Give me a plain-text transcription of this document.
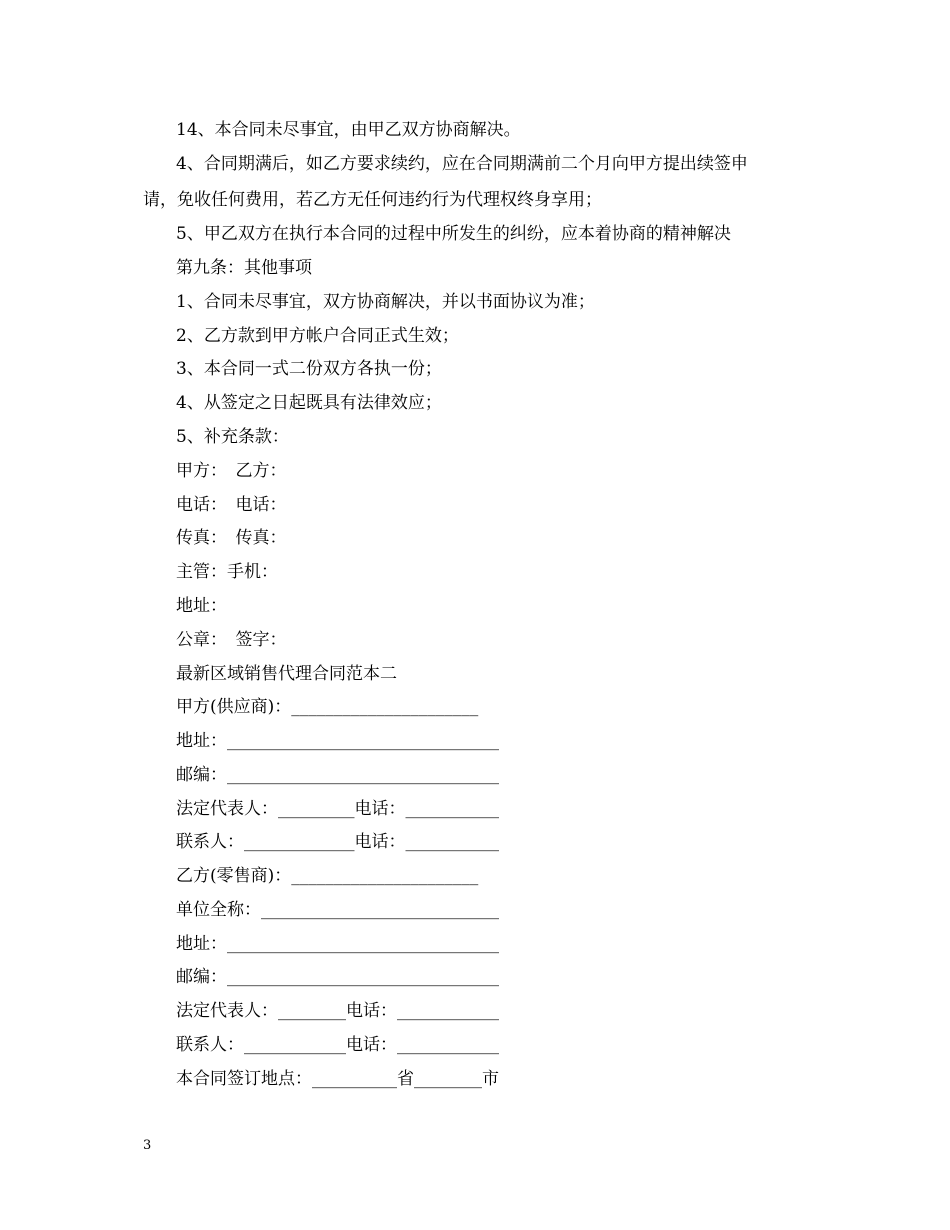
14、本合同未尽事宜，由甲乙双方协商解决。
4、合同期满后，如乙方要求续约，应在合同期满前二个月向甲方提出续签申
请，免收任何费用，若乙方无任何违约行为代理权终身享用；
5、甲乙双方在执行本合同的过程中所发生的纠纷，应本着协商的精神解决
第九条：其他事项
1、合同未尽事宜，双方协商解决，并以书面协议为准；
2、乙方款到甲方帐户合同正式生效；
3、本合同一式二份双方各执一份；
4、从签定之日起既具有法律效应；
5、补充条款：
甲方：　乙方：
电话：　电话：
传真：　传真：
主管：手机：
地址：
公章：　签字：
最新区域销售代理合同范本二
甲方(供应商)：______________________
地址：________________________________
邮编：________________________________
法定代表人：_________电话：___________
联系人：_____________电话：___________
乙方(零售商)：______________________
单位全称：____________________________
地址：________________________________
邮编：________________________________
法定代表人：________电话：____________
联系人：____________电话：____________
本合同签订地点：__________省________市
3
